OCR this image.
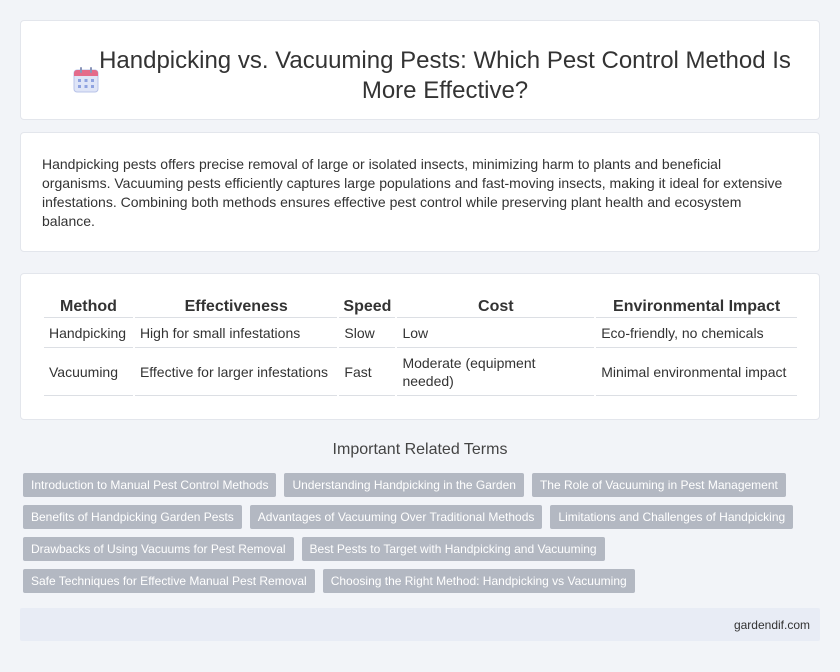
Handpicking vs. Vacuuming Pests: Which Pest Control Method Is More Effective?

Handpicking pests offers precise removal of large or isolated insects, minimizing harm to plants and beneficial organisms. Vacuuming pests efficiently captures large populations and fast-moving insects, making it ideal for extensive infestations. Combining both methods ensures effective pest control while preserving plant health and ecosystem balance.

Method	Effectiveness	Speed	Cost	Environmental Impact
Handpicking	High for small infestations	Slow	Low	Eco-friendly, no chemicals
Vacuuming	Effective for larger infestations	Fast	Moderate (equipment needed)	Minimal environmental impact
Important Related Terms
Introduction to Manual Pest Control Methods	Understanding Handpicking in the Garden	The Role of Vacuuming in Pest Management
Benefits of Handpicking Garden Pests	Advantages of Vacuuming Over Traditional Methods	Limitations and Challenges of Handpicking
Drawbacks of Using Vacuums for Pest Removal	Best Pests to Target with Handpicking and Vacuuming
Safe Techniques for Effective Manual Pest Removal	Choosing the Right Method: Handpicking vs Vacuuming
gardendif.com
